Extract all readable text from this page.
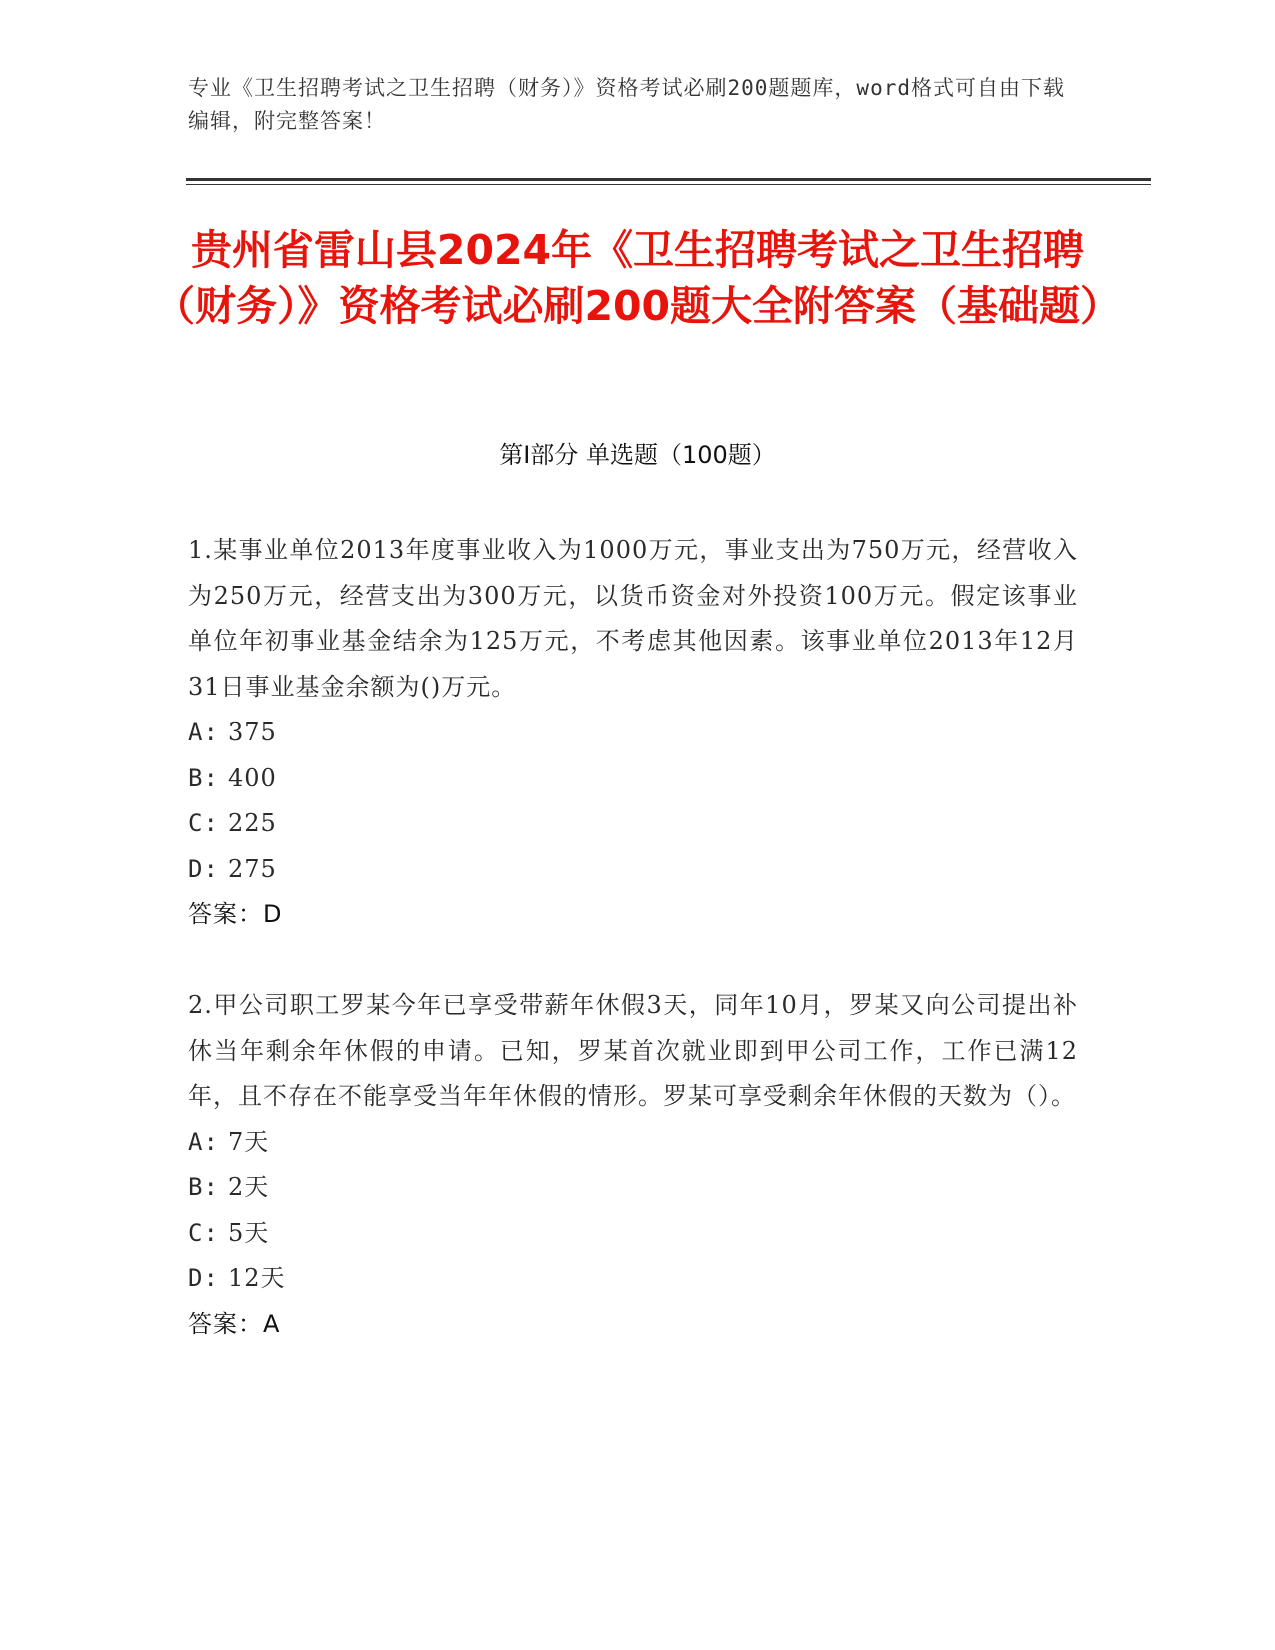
专业《卫生招聘考试之卫生招聘（财务）》资格考试必刷200题题库，word格式可自由下载编辑，附完整答案！
贵州省雷山县2024年《卫生招聘考试之卫生招聘（财务）》资格考试必刷200题大全附答案（基础题）
第I部分 单选题（100题）
1.某事业单位2013年度事业收入为1000万元，事业支出为750万元，经营收入为250万元，经营支出为300万元，以货币资金对外投资100万元。假定该事业单位年初事业基金结余为125万元，不考虑其他因素。该事业单位2013年12月31日事业基金余额为()万元。
A: 375
B: 400
C: 225
D: 275
答案：D
2.甲公司职工罗某今年已享受带薪年休假3天，同年10月，罗某又向公司提出补休当年剩余年休假的申请。已知，罗某首次就业即到甲公司工作，工作已满12年，且不存在不能享受当年年休假的情形。罗某可享受剩余年休假的天数为（）。
A: 7天
B: 2天
C: 5天
D: 12天
答案：A
